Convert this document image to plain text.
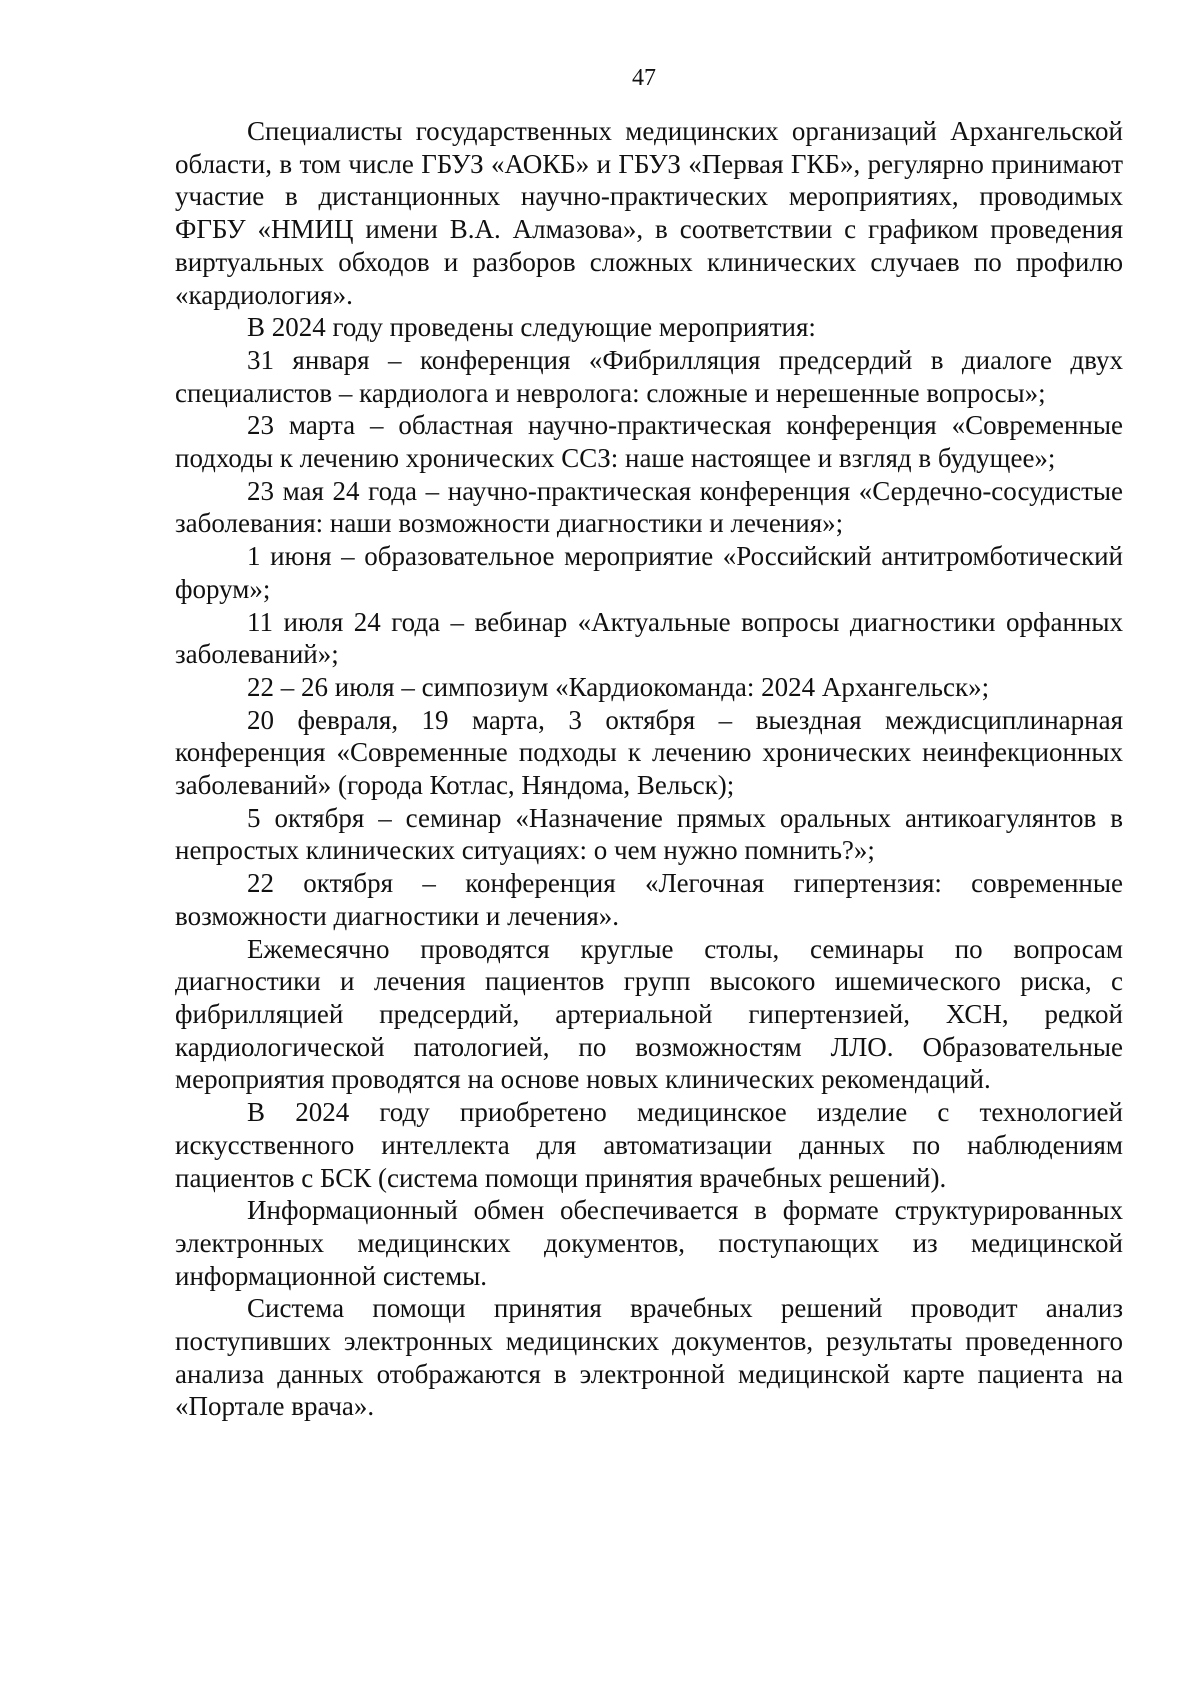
47

Специалисты государственных медицинских организаций Архангельской области, в том числе ГБУЗ «АОКБ» и ГБУЗ «Первая ГКБ», регулярно принимают участие в дистанционных научно-практических мероприятиях, проводимых ФГБУ «НМИЦ имени В.А. Алмазова», в соответствии с графиком проведения виртуальных обходов и разборов сложных клинических случаев по профилю «кардиология».

В 2024 году проведены следующие мероприятия:

31 января – конференция «Фибрилляция предсердий в диалоге двух специалистов – кардиолога и невролога: сложные и нерешенные вопросы»;

23 марта – областная научно-практическая конференция «Современные подходы к лечению хронических ССЗ: наше настоящее и взгляд в будущее»;

23 мая 24 года – научно-практическая конференция «Сердечно-сосудистые заболевания: наши возможности диагностики и лечения»;

1 июня – образовательное мероприятие «Российский антитромботический форум»;

11 июля 24 года – вебинар «Актуальные вопросы диагностики орфанных заболеваний»;

22 – 26 июля – симпозиум «Кардиокоманда: 2024 Архангельск»;

20 февраля, 19 марта, 3 октября – выездная междисциплинарная конференция «Современные подходы к лечению хронических неинфекционных заболеваний» (города Котлас, Няндома, Вельск);

5 октября – семинар «Назначение прямых оральных антикоагулянтов в непростых клинических ситуациях: о чем нужно помнить?»;

22 октября – конференция «Легочная гипертензия: современные возможности диагностики и лечения».

Ежемесячно проводятся круглые столы, семинары по вопросам диагностики и лечения пациентов групп высокого ишемического риска, с фибрилляцией предсердий, артериальной гипертензией, ХСН, редкой кардиологической патологией, по возможностям ЛЛО. Образовательные мероприятия проводятся на основе новых клинических рекомендаций.

В 2024 году приобретено медицинское изделие с технологией искусственного интеллекта для автоматизации данных по наблюдениям пациентов с БСК (система помощи принятия врачебных решений).

Информационный обмен обеспечивается в формате структурированных электронных медицинских документов, поступающих из медицинской информационной системы.

Система помощи принятия врачебных решений проводит анализ поступивших электронных медицинских документов, результаты проведенного анализа данных отображаются в электронной медицинской карте пациента на «Портале врача».
